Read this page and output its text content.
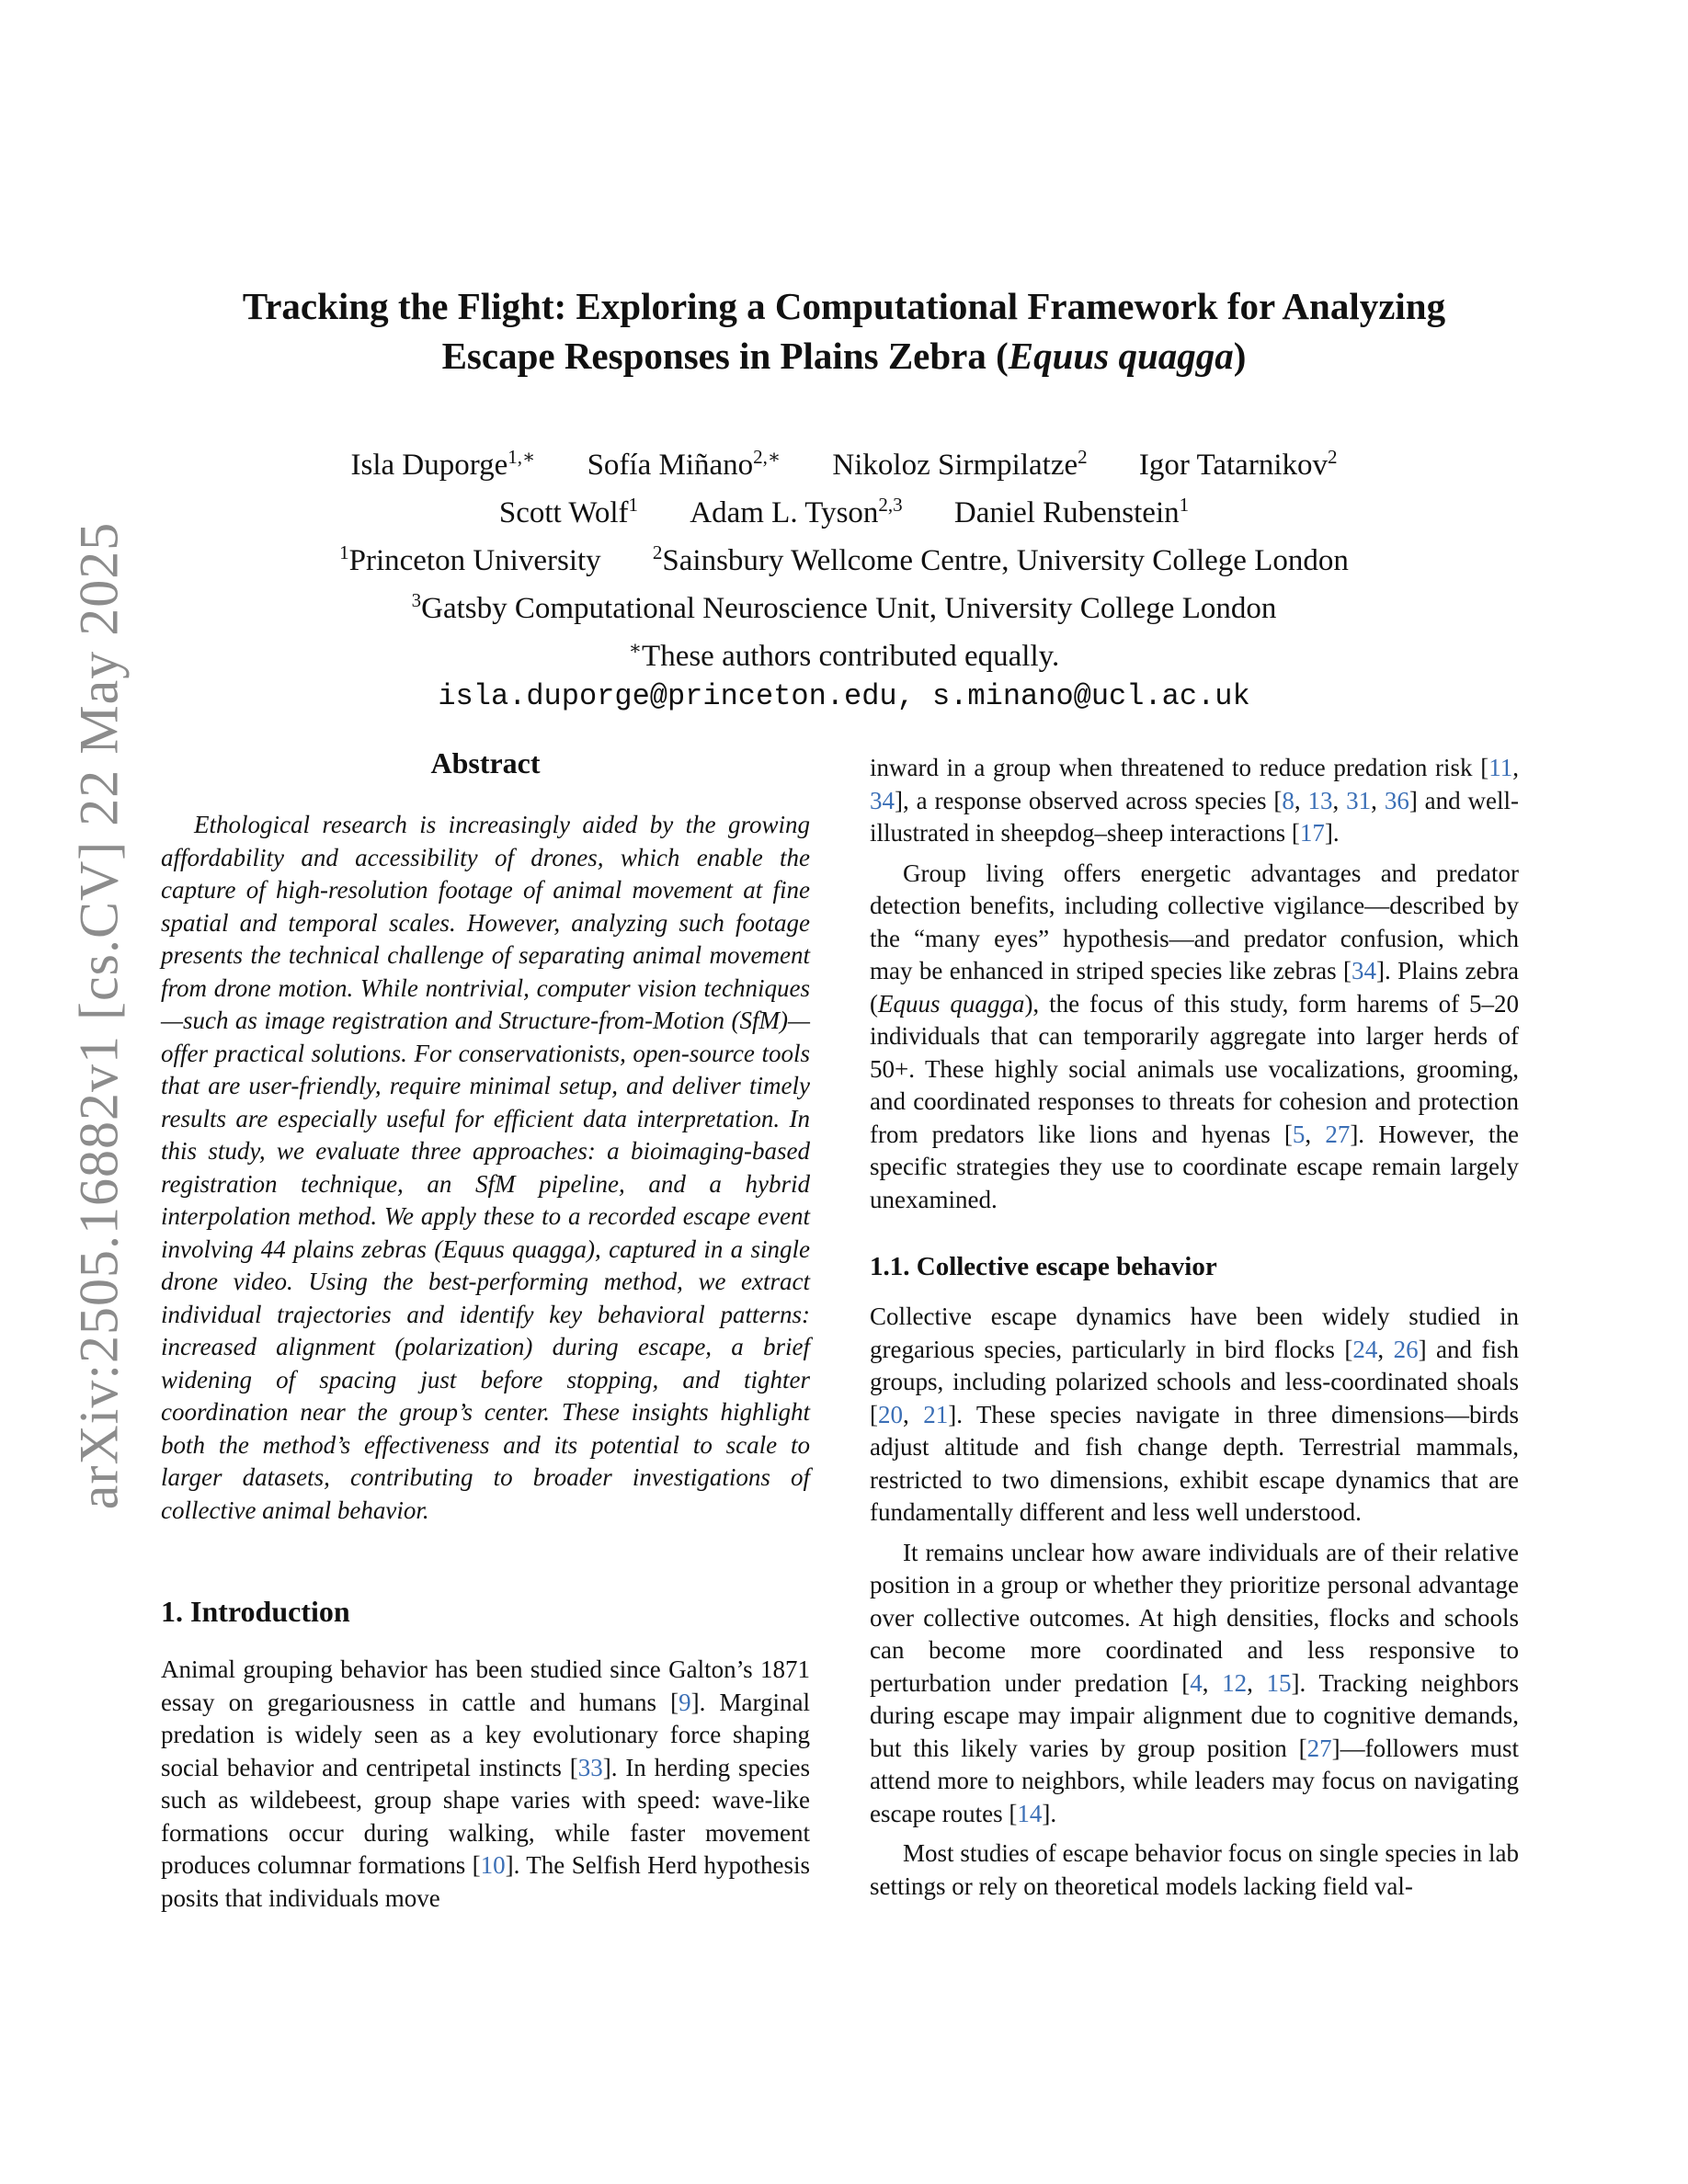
arXiv:2505.16882v1 [cs.CV] 22 May 2025
Tracking the Flight: Exploring a Computational Framework for Analyzing
Escape Responses in Plains Zebra (Equus quagga)
Isla Duporge$^{1,∗}$ Sofía Miñano$^{2,∗}$ Nikoloz Sirmpilatze$^2$ Igor Tatarnikov$^2$
Scott Wolf$^1$ Adam L. Tyson$^{2,3}$ Daniel Rubenstein$^1$
$^1$Princeton University	$^2$Sainsbury Wellcome Centre, University College London
$^3$Gatsby Computational Neuroscience Unit, University College London
∗These authors contributed equally.
isla.duporge@princeton.edu, s.minano@ucl.ac.uk
Abstract

Ethological research is increasingly aided by the growing affordability and accessibility of drones, which enable the capture of high-resolution footage of animal movement at fine spatial and temporal scales. However, analyzing such footage presents the technical challenge of separating animal movement from drone motion. While nontrivial, computer vision techniques—such as image registration and Structure-from-Motion (SfM)—offer practical solutions. For conservationists, open-source tools that are user-friendly, require minimal setup, and deliver timely results are especially useful for efficient data interpretation. In this study, we evaluate three approaches: a bioimaging-based registration technique, an SfM pipeline, and a hybrid interpolation method. We apply these to a recorded escape event involving 44 plains zebras (Equus quagga), captured in a single drone video. Using the best-performing method, we extract individual trajectories and identify key behavioral patterns: increased alignment (polarization) during escape, a brief widening of spacing just before stopping, and tighter coordination near the group’s center. These insights highlight both the method’s effectiveness and its potential to scale to larger datasets, contributing to broader investigations of collective animal behavior.

1. Introduction

Animal grouping behavior has been studied since Galton’s 1871 essay on gregariousness in cattle and humans [9]. Marginal predation is widely seen as a key evolutionary force shaping social behavior and centripetal instincts [33]. In herding species such as wildebeest, group shape varies with speed: wave-like formations occur during walking, while faster movement produces columnar formations [10]. The Selfish Herd hypothesis posits that individuals move

inward in a group when threatened to reduce predation risk [11, 34], a response observed across species [8, 13, 31, 36] and well-illustrated in sheepdog–sheep interactions [17].

Group living offers energetic advantages and predator detection benefits, including collective vigilance—described by the “many eyes” hypothesis—and predator confusion, which may be enhanced in striped species like zebras [34]. Plains zebra (Equus quagga), the focus of this study, form harems of 5–20 individuals that can temporarily aggregate into larger herds of 50+. These highly social animals use vocalizations, grooming, and coordinated responses to threats for cohesion and protection from predators like lions and hyenas [5, 27]. However, the specific strategies they use to coordinate escape remain largely unexamined.

1.1. Collective escape behavior

Collective escape dynamics have been widely studied in gregarious species, particularly in bird flocks [24, 26] and fish groups, including polarized schools and less-coordinated shoals [20, 21]. These species navigate in three dimensions—birds adjust altitude and fish change depth. Terrestrial mammals, restricted to two dimensions, exhibit escape dynamics that are fundamentally different and less well understood.

It remains unclear how aware individuals are of their relative position in a group or whether they prioritize personal advantage over collective outcomes. At high densities, flocks and schools can become more coordinated and less responsive to perturbation under predation [4, 12, 15]. Tracking neighbors during escape may impair alignment due to cognitive demands, but this likely varies by group position [27]—followers must attend more to neighbors, while leaders may focus on navigating escape routes [14].

Most studies of escape behavior focus on single species in lab settings or rely on theoretical models lacking field val-
